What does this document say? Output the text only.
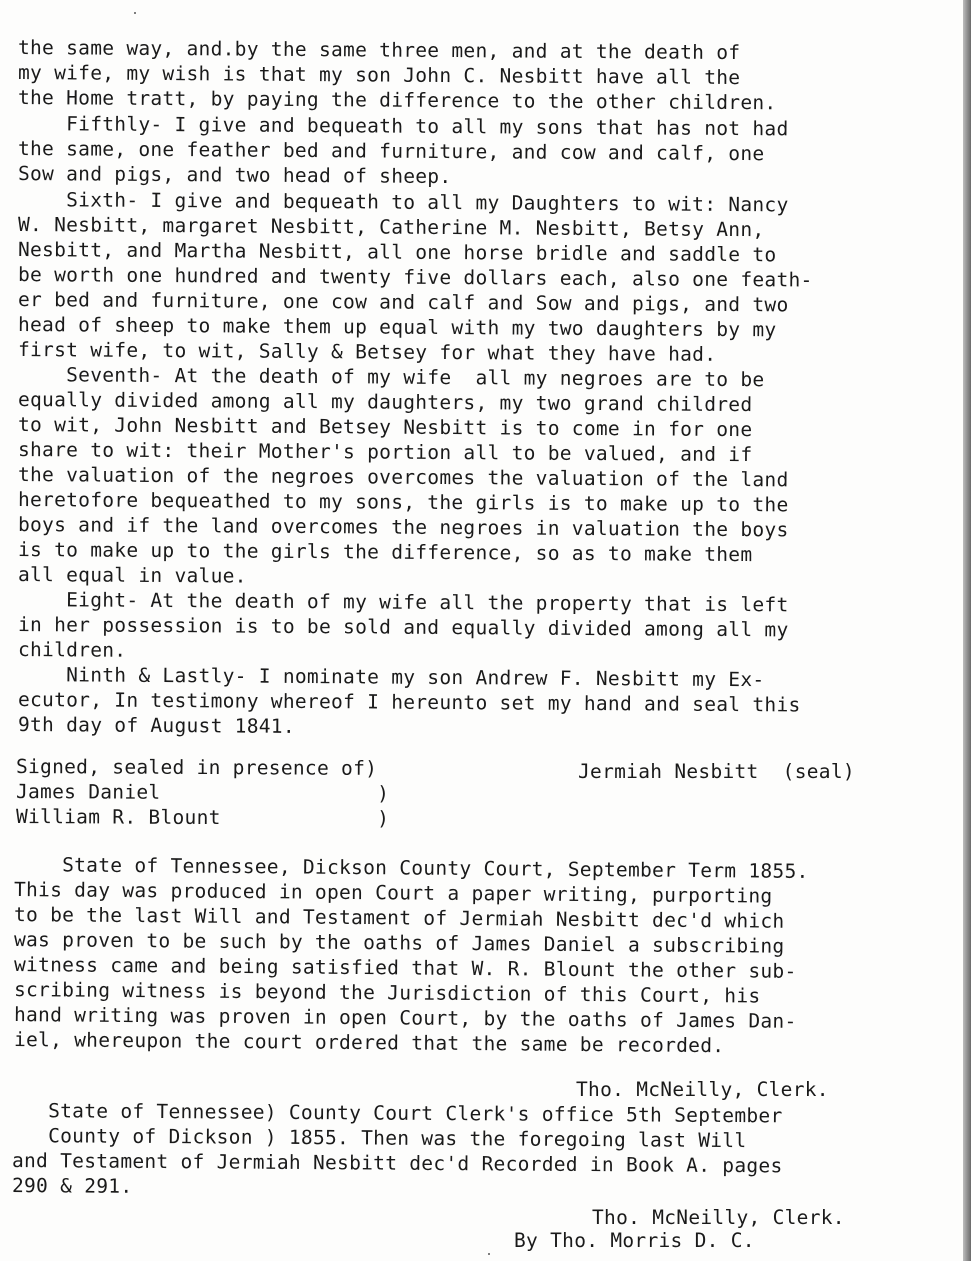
the same way, and.by the same three men, and at the death of
my wife, my wish is that my son John C. Nesbitt have all the
the Home tratt, by paying the difference to the other children.
Fifthly- I give and bequeath to all my sons that has not had
the same, one feather bed and furniture, and cow and calf, one
Sow and pigs, and two head of sheep.
Sixth- I give and bequeath to all my Daughters to wit: Nancy
W. Nesbitt, margaret Nesbitt, Catherine M. Nesbitt, Betsy Ann,
Nesbitt, and Martha Nesbitt, all one horse bridle and saddle to
be worth one hundred and twenty five dollars each, also one feath-
er bed and furniture, one cow and calf and Sow and pigs, and two
head of sheep to make them up equal with my two daughters by my
first wife, to wit, Sally & Betsey for what they have had.
Seventh- At the death of my wife  all my negroes are to be
equally divided among all my daughters, my two grand childred
to wit, John Nesbitt and Betsey Nesbitt is to come in for one
share to wit: their Mother's portion all to be valued, and if
the valuation of the negroes overcomes the valuation of the land
heretofore bequeathed to my sons, the girls is to make up to the
boys and if the land overcomes the negroes in valuation the boys
is to make up to the girls the difference, so as to make them
all equal in value.
Eight- At the death of my wife all the property that is left
in her possession is to be sold and equally divided among all my
children.
Ninth & Lastly- I nominate my son Andrew F. Nesbitt my Ex-
ecutor, In testimony whereof I hereunto set my hand and seal this
9th day of August 1841.
Signed, sealed in presence of)
James Daniel                  )
William R. Blount             )
Jermiah Nesbitt  (seal)
State of Tennessee, Dickson County Court, September Term 1855.
This day was produced in open Court a paper writing, purporting
to be the last Will and Testament of Jermiah Nesbitt dec'd which
was proven to be such by the oaths of James Daniel a subscribing
witness came and being satisfied that W. R. Blount the other sub-
scribing witness is beyond the Jurisdiction of this Court, his
hand writing was proven in open Court, by the oaths of James Dan-
iel, whereupon the court ordered that the same be recorded.
Tho. McNeilly, Clerk.
State of Tennessee) County Court Clerk's office 5th September
County of Dickson ) 1855. Then was the foregoing last Will
and Testament of Jermiah Nesbitt dec'd Recorded in Book A. pages
290 & 291.
Tho. McNeilly, Clerk.
By Tho. Morris D. C.
